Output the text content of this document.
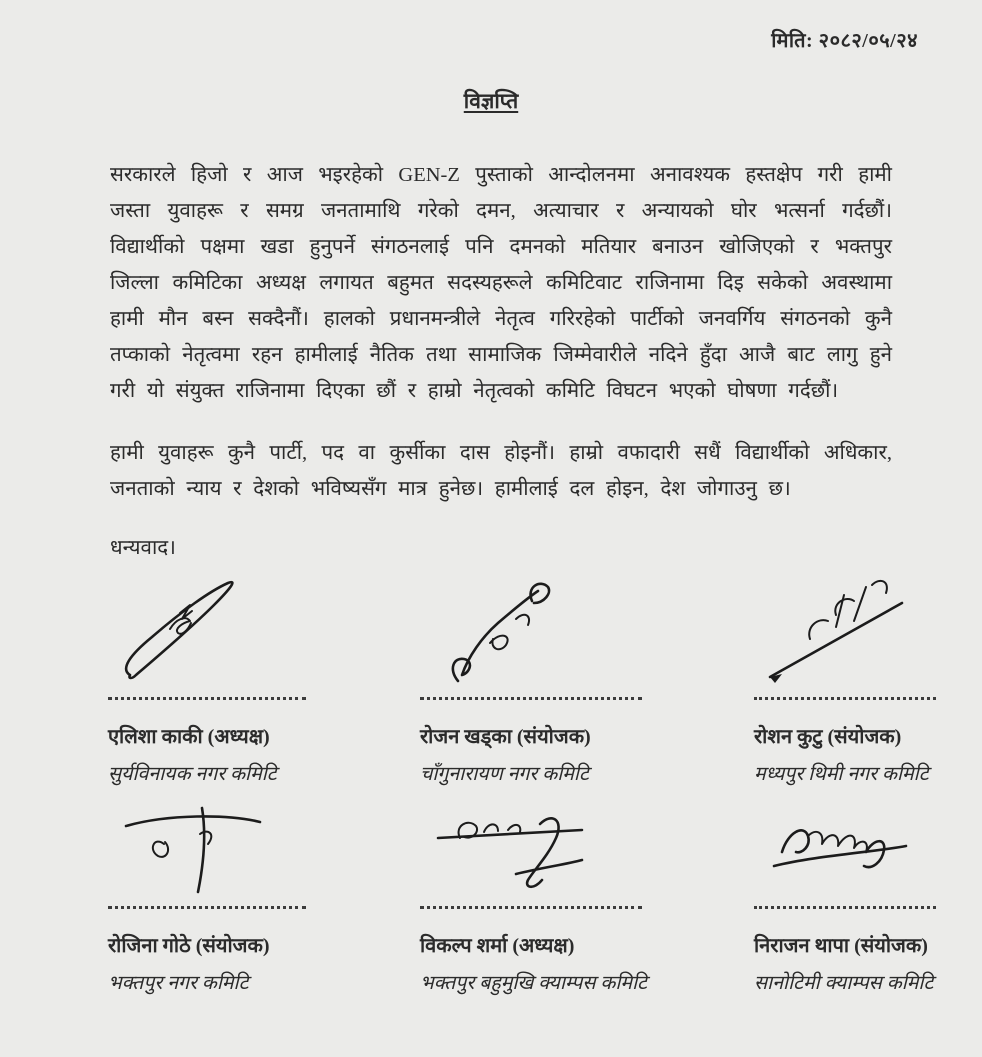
मिति: २०८२/०५/२४
विज्ञप्ति

सरकारले हिजो र आज भइरहेको GEN-Z पुस्ताको आन्दोलनमा अनावश्यक हस्तक्षेप गरी हामी जस्ता युवाहरू र समग्र जनतामाथि गरेको दमन, अत्याचार र अन्यायको घोर भत्सर्ना गर्दछौं। विद्यार्थीको पक्षमा खडा हुनुपर्ने संगठनलाई पनि दमनको मतियार बनाउन खोजिएको र भक्तपुर जिल्ला कमिटिका अध्यक्ष लगायत बहुमत सदस्यहरूले कमिटिवाट राजिनामा दिइ सकेको अवस्थामा हामी मौन बस्न सक्दैनौं। हालको प्रधानमन्त्रीले नेतृत्व गरिरहेको पार्टीको जनवर्गिय संगठनको कुनै तप्काको नेतृत्वमा रहन हामीलाई नैतिक तथा सामाजिक जिम्मेवारीले नदिने हुँदा आजै बाट लागु हुने गरी यो संयुक्त राजिनामा दिएका छौं र हाम्रो नेतृत्वको कमिटि विघटन भएको घोषणा गर्दछौं।

हामी युवाहरू कुनै पार्टी, पद वा कुर्सीका दास होइनौं। हाम्रो वफादारी सधैं विद्यार्थीको अधिकार, जनताको न्याय र देशको भविष्यसँग मात्र हुनेछ। हामीलाई दल होइन, देश जोगाउनु छ।

धन्यवाद।
एलिशा काकी (अध्यक्ष)
सुर्यविनायक नगर कमिटि
रोजन खड्का (संयोजक)
चाँगुनारायण नगर कमिटि
रोशन कुटु (संयोजक)
मध्यपुर थिमी नगर कमिटि
रोजिना गोठे (संयोजक)
भक्तपुर नगर कमिटि
विकल्प शर्मा (अध्यक्ष)
भक्तपुर बहुमुखि क्याम्पस कमिटि
निराजन थापा (संयोजक)
सानोटिमी क्याम्पस कमिटि
